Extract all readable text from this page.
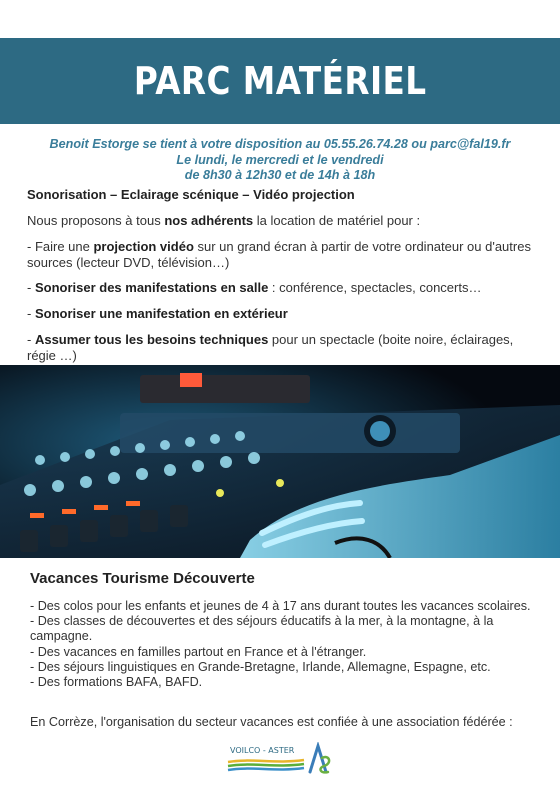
PARC MATÉRIEL
Benoit Estorge se tient à votre disposition au 05.55.26.74.28 ou parc@fal19.fr
Le lundi, le mercredi et le vendredi
de 8h30 à 12h30 et de 14h à 18h
Sonorisation – Eclairage scénique – Vidéo projection
Nous proposons à tous nos adhérents la location de matériel pour :
- Faire une projection vidéo sur un grand écran à partir de votre ordinateur ou d'autres sources (lecteur DVD, télévision…)
- Sonoriser des manifestations en salle : conférence, spectacles, concerts…
- Sonoriser une manifestation en extérieur
- Assumer tous les besoins techniques pour un spectacle (boite noire, éclairages, régie …)
Vacances Tourisme Découverte
- Des colos pour les enfants et jeunes de 4 à 17 ans durant toutes les vacances scolaires.
- Des classes de découvertes et des séjours éducatifs à la mer, à la montagne, à la campagne.
- Des vacances en familles partout en France et à l'étranger.
- Des séjours linguistiques en Grande-Bretagne, Irlande, Allemagne, Espagne, etc.
- Des formations BAFA, BAFD.
En Corrèze, l'organisation du secteur vacances est confiée à une association fédérée :
VOILCO - ASTER
